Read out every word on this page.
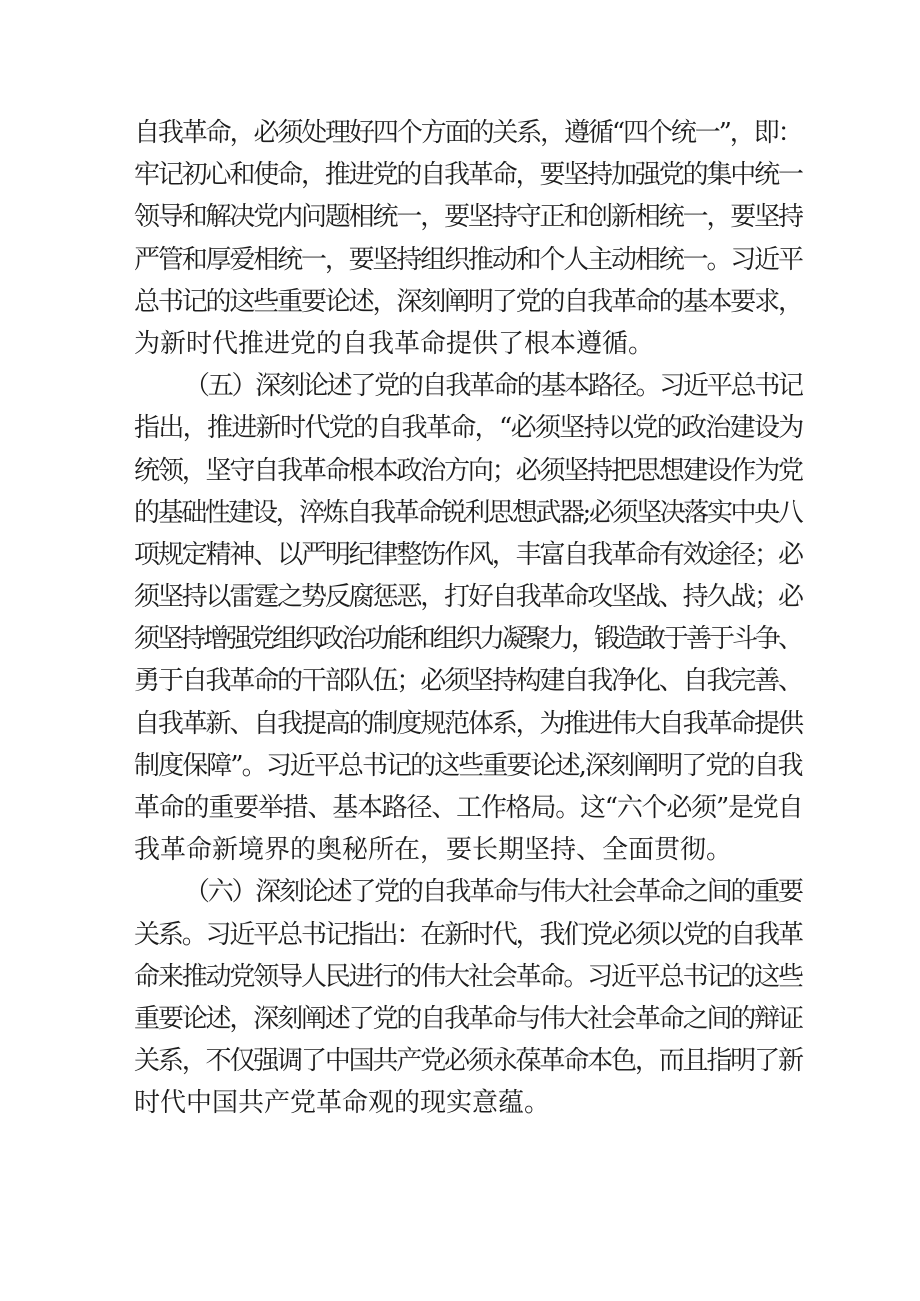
自我革命，必须处理好四个方面的关系，遵循“四个统一”，即：
牢记初心和使命，推进党的自我革命，要坚持加强党的集中统一
领导和解决党内问题相统一，要坚持守正和创新相统一，要坚持
严管和厚爱相统一，要坚持组织推动和个人主动相统一。习近平
总书记的这些重要论述，深刻阐明了党的自我革命的基本要求，
为新时代推进党的自我革命提供了根本遵循。
（五）深刻论述了党的自我革命的基本路径。习近平总书记
指出，推进新时代党的自我革命，“必须坚持以党的政治建设为
统领，坚守自我革命根本政治方向；必须坚持把思想建设作为党
的基础性建设，淬炼自我革命锐利思想武器;必须坚决落实中央八
项规定精神、以严明纪律整饬作风，丰富自我革命有效途径；必
须坚持以雷霆之势反腐惩恶，打好自我革命攻坚战、持久战；必
须坚持增强党组织政治功能和组织力凝聚力，锻造敢于善于斗争、
勇于自我革命的干部队伍；必须坚持构建自我净化、自我完善、
自我革新、自我提高的制度规范体系，为推进伟大自我革命提供
制度保障”。习近平总书记的这些重要论述,深刻阐明了党的自我
革命的重要举措、基本路径、工作格局。这“六个必须”是党自
我革命新境界的奥秘所在，要长期坚持、全面贯彻。
（六）深刻论述了党的自我革命与伟大社会革命之间的重要
关系。习近平总书记指出：在新时代，我们党必须以党的自我革
命来推动党领导人民进行的伟大社会革命。习近平总书记的这些
重要论述，深刻阐述了党的自我革命与伟大社会革命之间的辩证
关系，不仅强调了中国共产党必须永葆革命本色，而且指明了新
时代中国共产党革命观的现实意蕴。
